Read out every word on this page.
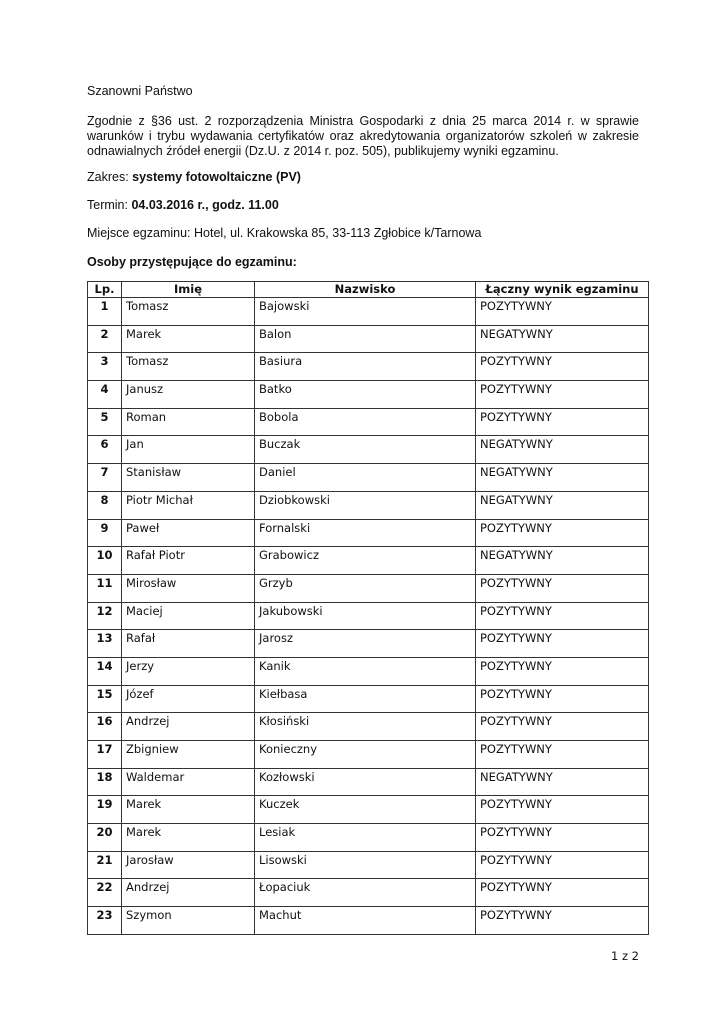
Szanowni Państwo
Zgodnie z §36 ust. 2 rozporządzenia Ministra Gospodarki z dnia 25 marca 2014 r. w sprawie warunków i trybu wydawania certyfikatów oraz akredytowania organizatorów szkoleń w zakresie odnawialnych źródeł energii (Dz.U. z 2014 r. poz. 505), publikujemy wyniki egzaminu.
Zakres: systemy fotowoltaiczne (PV)
Termin: 04.03.2016 r., godz. 11.00
Miejsce egzaminu: Hotel, ul. Krakowska 85, 33-113 Zgłobice k/Tarnowa
Osoby przystępujące do egzaminu:
Lp.	Imię	Nazwisko	Łączny wynik egzaminu
1	Tomasz	Bajowski	POZYTYWNY
2	Marek	Balon	NEGATYWNY
3	Tomasz	Basiura	POZYTYWNY
4	Janusz	Batko	POZYTYWNY
5	Roman	Bobola	POZYTYWNY
6	Jan	Buczak	NEGATYWNY
7	Stanisław	Daniel	NEGATYWNY
8	Piotr Michał	Dziobkowski	NEGATYWNY
9	Paweł	Fornalski	POZYTYWNY
10	Rafał Piotr	Grabowicz	NEGATYWNY
11	Mirosław	Grzyb	POZYTYWNY
12	Maciej	Jakubowski	POZYTYWNY
13	Rafał	Jarosz	POZYTYWNY
14	Jerzy	Kanik	POZYTYWNY
15	Józef	Kiełbasa	POZYTYWNY
16	Andrzej	Kłosiński	POZYTYWNY
17	Zbigniew	Konieczny	POZYTYWNY
18	Waldemar	Kozłowski	NEGATYWNY
19	Marek	Kuczek	POZYTYWNY
20	Marek	Lesiak	POZYTYWNY
21	Jarosław	Lisowski	POZYTYWNY
22	Andrzej	Łopaciuk	POZYTYWNY
23	Szymon	Machut	POZYTYWNY
1 z 2
